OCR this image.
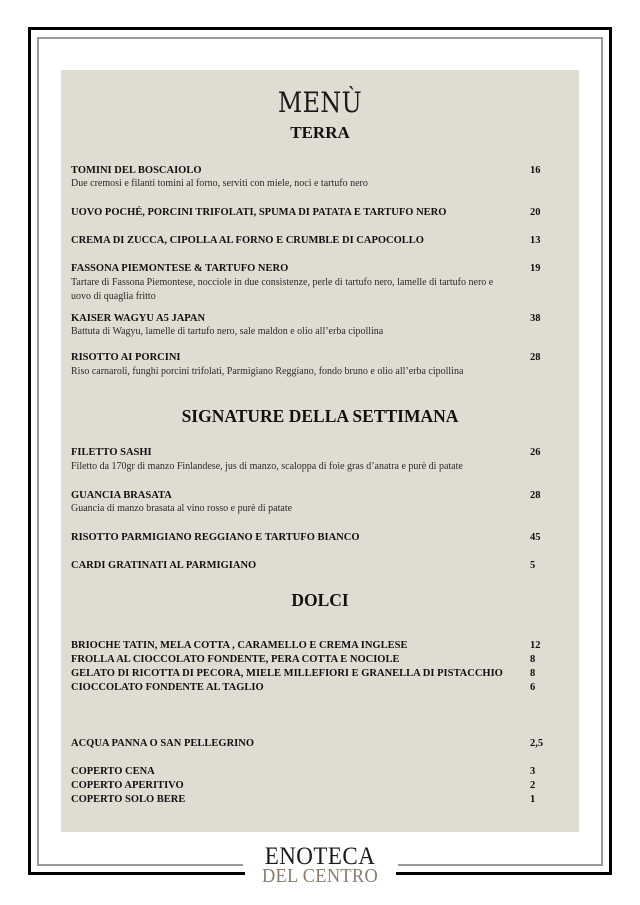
MENÙ
TERRA
TOMINI DEL BOSCAIOLO	16
Due cremosi e filanti tomini al forno, serviti con miele, noci e tartufo nero
UOVO POCHÉ, PORCINI TRIFOLATI, SPUMA DI PATATA E TARTUFO NERO	20
CREMA DI ZUCCA, CIPOLLA AL FORNO E CRUMBLE DI CAPOCOLLO	13
FASSONA PIEMONTESE & TARTUFO NERO	19
Tartare di Fassona Piemontese, nocciole in due consistenze, perle di tartufo nero, lamelle di tartufo nero e
uovo di quaglia fritto
KAISER WAGYU A5 JAPAN	38
Battuta di Wagyu, lamelle di tartufo nero, sale maldon e olio all’erba cipollina
RISOTTO AI PORCINI	28
Riso carnaroli, funghi porcini trifolati, Parmigiano Reggiano, fondo bruno e olio all’erba cipollina
SIGNATURE DELLA SETTIMANA
FILETTO SASHI	26
Filetto da 170gr di manzo Finlandese, jus di manzo, scaloppa di foie gras d’anatra e purè di patate
GUANCIA BRASATA	28
Guancia di manzo brasata al vino rosso e purè di patate
RISOTTO PARMIGIANO REGGIANO E TARTUFO BIANCO	45
CARDI GRATINATI AL PARMIGIANO	5
DOLCI
BRIOCHE TATIN, MELA COTTA , CARAMELLO E CREMA INGLESE	12
FROLLA AL CIOCCOLATO FONDENTE, PERA COTTA E NOCIOLE	8
GELATO DI RICOTTA DI PECORA, MIELE MILLEFIORI E GRANELLA DI PISTACCHIO	8
CIOCCOLATO FONDENTE AL TAGLIO	6
ACQUA PANNA O SAN PELLEGRINO	2,5
COPERTO CENA	3
COPERTO APERITIVO	2
COPERTO SOLO BERE	1
ENOTECA
DEL CENTRO
